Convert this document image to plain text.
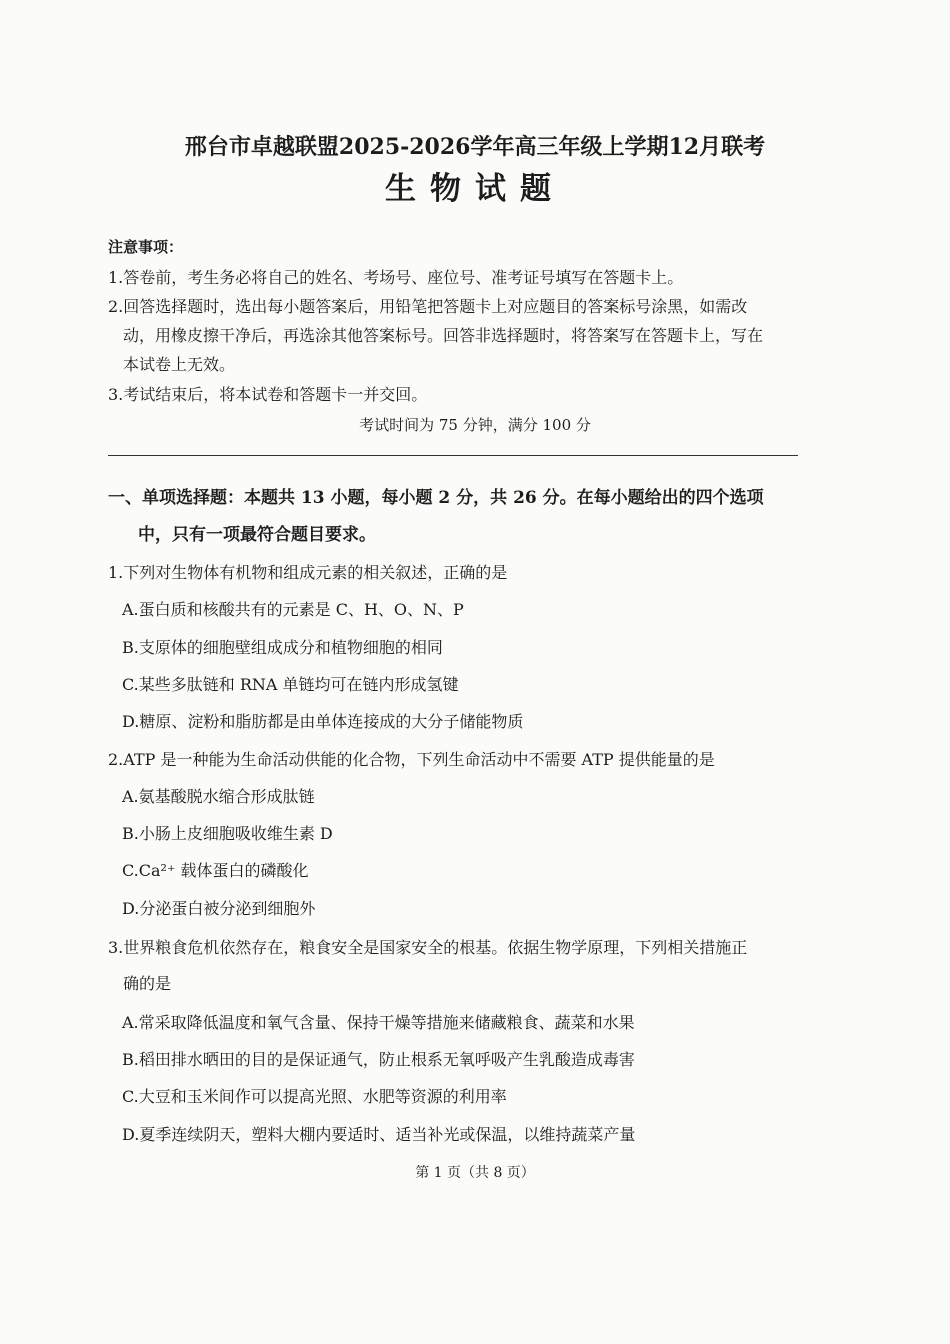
邢台市卓越联盟2025-2026学年高三年级上学期12月联考
生物试题
注意事项：
1.答卷前，考生务必将自己的姓名、考场号、座位号、准考证号填写在答题卡上。
2.回答选择题时，选出每小题答案后，用铅笔把答题卡上对应题目的答案标号涂黑，如需改
动，用橡皮擦干净后，再选涂其他答案标号。回答非选择题时，将答案写在答题卡上，写在
本试卷上无效。
3.考试结束后，将本试卷和答题卡一并交回。
考试时间为 75 分钟，满分 100 分
一、单项选择题：本题共 13 小题，每小题 2 分，共 26 分。在每小题给出的四个选项
中，只有一项最符合题目要求。
1.下列对生物体有机物和组成元素的相关叙述，正确的是
A.蛋白质和核酸共有的元素是 C、H、O、N、P
B.支原体的细胞壁组成成分和植物细胞的相同
C.某些多肽链和 RNA 单链均可在链内形成氢键
D.糖原、淀粉和脂肪都是由单体连接成的大分子储能物质
2.ATP 是一种能为生命活动供能的化合物，下列生命活动中不需要 ATP 提供能量的是
A.氨基酸脱水缩合形成肽链
B.小肠上皮细胞吸收维生素 D
C.Ca²⁺ 载体蛋白的磷酸化
D.分泌蛋白被分泌到细胞外
3.世界粮食危机依然存在，粮食安全是国家安全的根基。依据生物学原理，下列相关措施正
确的是
A.常采取降低温度和氧气含量、保持干燥等措施来储藏粮食、蔬菜和水果
B.稻田排水晒田的目的是保证通气，防止根系无氧呼吸产生乳酸造成毒害
C.大豆和玉米间作可以提高光照、水肥等资源的利用率
D.夏季连续阴天，塑料大棚内要适时、适当补光或保温，以维持蔬菜产量
第 1 页（共 8 页）
